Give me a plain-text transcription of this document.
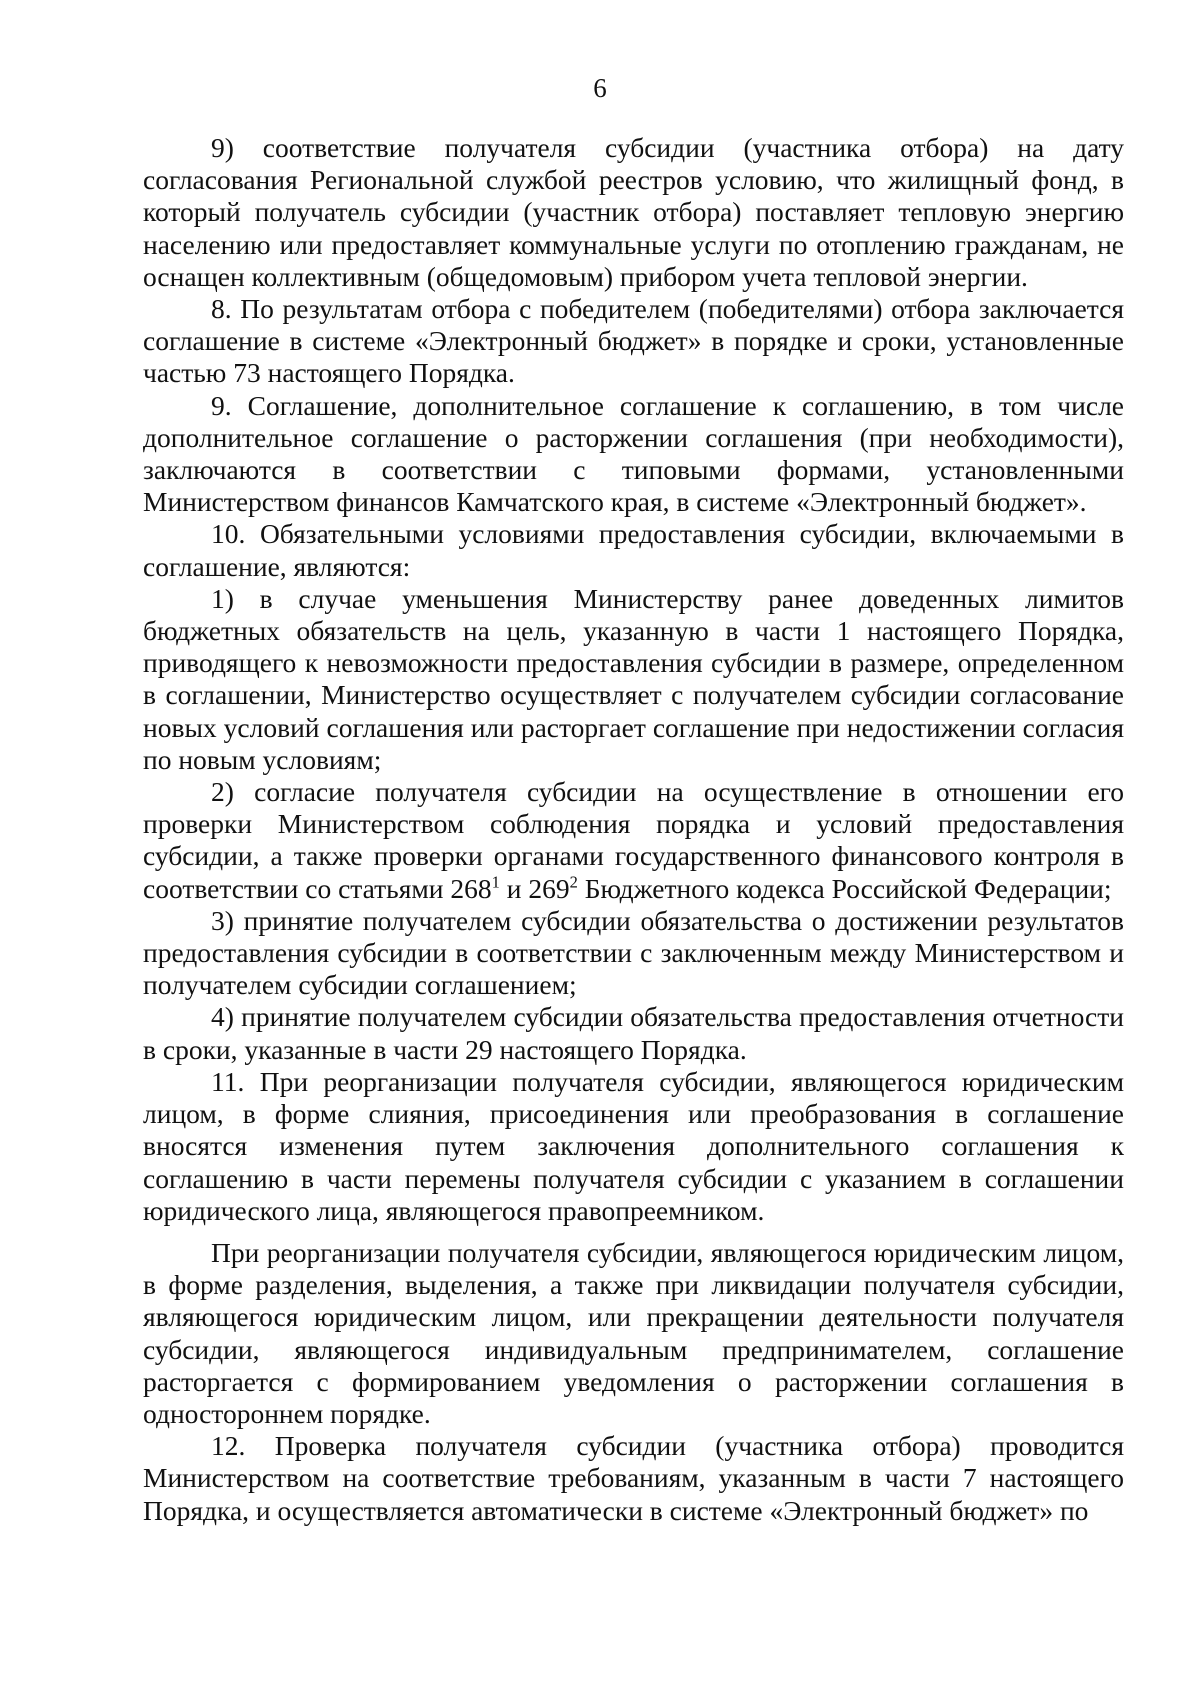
6

9) соответствие получателя субсидии (участника отбора) на дату согласования Региональной службой реестров условию, что жилищный фонд, в который получатель субсидии (участник отбора) поставляет тепловую энергию населению или предоставляет коммунальные услуги по отоплению гражданам, не оснащен коллективным (общедомовым) прибором учета тепловой энергии.

8. По результатам отбора с победителем (победителями) отбора заключается соглашение в системе «Электронный бюджет» в порядке и сроки, установленные частью 73 настоящего Порядка.

9. Соглашение, дополнительное соглашение к соглашению, в том числе дополнительное соглашение о расторжении соглашения (при необходимости), заключаются в соответствии с типовыми формами, установленными Министерством финансов Камчатского края, в системе «Электронный бюджет».

10. Обязательными условиями предоставления субсидии, включаемыми в соглашение, являются:

1) в случае уменьшения Министерству ранее доведенных лимитов бюджетных обязательств на цель, указанную в части 1 настоящего Порядка, приводящего к невозможности предоставления субсидии в размере, определенном в соглашении, Министерство осуществляет с получателем субсидии согласование новых условий соглашения или расторгает соглашение при недостижении согласия по новым условиям;

2) согласие получателя субсидии на осуществление в отношении его проверки Министерством соблюдения порядка и условий предоставления субсидии, а также проверки органами государственного финансового контроля в соответствии со статьями $268^1$ и $269^2$ Бюджетного кодекса Российской Федерации;

3) принятие получателем субсидии обязательства о достижении результатов предоставления субсидии в соответствии с заключенным между Министерством и получателем субсидии соглашением;

4) принятие получателем субсидии обязательства предоставления отчетности в сроки, указанные в части 29 настоящего Порядка.

11. При реорганизации получателя субсидии, являющегося юридическим лицом, в форме слияния, присоединения или преобразования в соглашение вносятся изменения путем заключения дополнительного соглашения к соглашению в части перемены получателя субсидии с указанием в соглашении юридического лица, являющегося правопреемником.

При реорганизации получателя субсидии, являющегося юридическим лицом, в форме разделения, выделения, а также при ликвидации получателя субсидии, являющегося юридическим лицом, или прекращении деятельности получателя субсидии, являющегося индивидуальным предпринимателем, соглашение расторгается с формированием уведомления о расторжении соглашения в одностороннем порядке.

12. Проверка получателя субсидии (участника отбора) проводится Министерством на соответствие требованиям, указанным в части 7 настоящего Порядка, и осуществляется автоматически в системе «Электронный бюджет» по
